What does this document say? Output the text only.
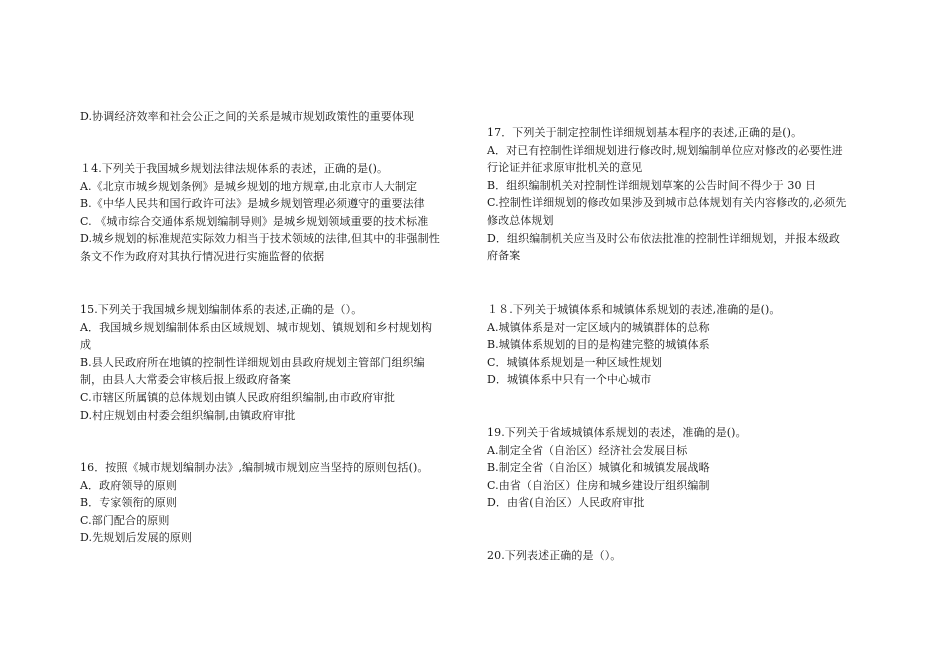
D.协调经济效率和社会公正之间的关系是城市规划政策性的重要体现
１4.下列关于我国城乡规划法律法规体系的表述，正确的是()。
A.《北京市城乡规划条例》是城乡规划的地方规章,由北京市人大制定
B.《中华人民共和国行政许可法》是城乡规划管理必须遵守的重要法律
C. 《城市综合交通体系规划编制导则》是城乡规划领域重要的技术标准
D.城乡规划的标准规范实际效力相当于技术领域的法律,但其中的非强制性
条文不作为政府对其执行情况进行实施监督的依据
15.下列关于我国城乡规划编制体系的表述,正确的是（）。
A．我国城乡规划编制体系由区域规划、城市规划、镇规划和乡村规划构
成
B.县人民政府所在地镇的控制性详细规划由县政府规划主管部门组织编
制，由县人大常委会审核后报上级政府备案
C.市辖区所属镇的总体规划由镇人民政府组织编制,由市政府审批
D.村庄规划由村委会组织编制,由镇政府审批
16．按照《城市规划编制办法》,编制城市规划应当坚持的原则包括()。
A．政府领导的原则
B．专家领衔的原则
C.部门配合的原则
D.先规划后发展的原则
17．下列关于制定控制性详细规划基本程序的表述,正确的是()。
A．对已有控制性详细规划进行修改时,规划编制单位应对修改的必要性进
行论证并征求原审批机关的意见
B．组织编制机关对控制性详细规划草案的公告时间不得少于 30 日
C.控制性详细规划的修改如果涉及到城市总体规划有关内容修改的,必须先
修改总体规划
D．组织编制机关应当及时公布依法批准的控制性详细规划，并报本级政
府备案
１８.下列关于城镇体系和城镇体系规划的表述,准确的是()。
A.城镇体系是对一定区域内的城镇群体的总称
B.城镇体系规划的目的是构建完整的城镇体系
C．城镇体系规划是一种区域性规划
D．城镇体系中只有一个中心城市
19.下列关于省域城镇体系规划的表述，准确的是()。
A.制定全省（自治区）经济社会发展目标
B.制定全省（自治区）城镇化和城镇发展战略
C.由省（自治区）住房和城乡建设厅组织编制
D．由省(自治区）人民政府审批
20.下列表述正确的是（）。
